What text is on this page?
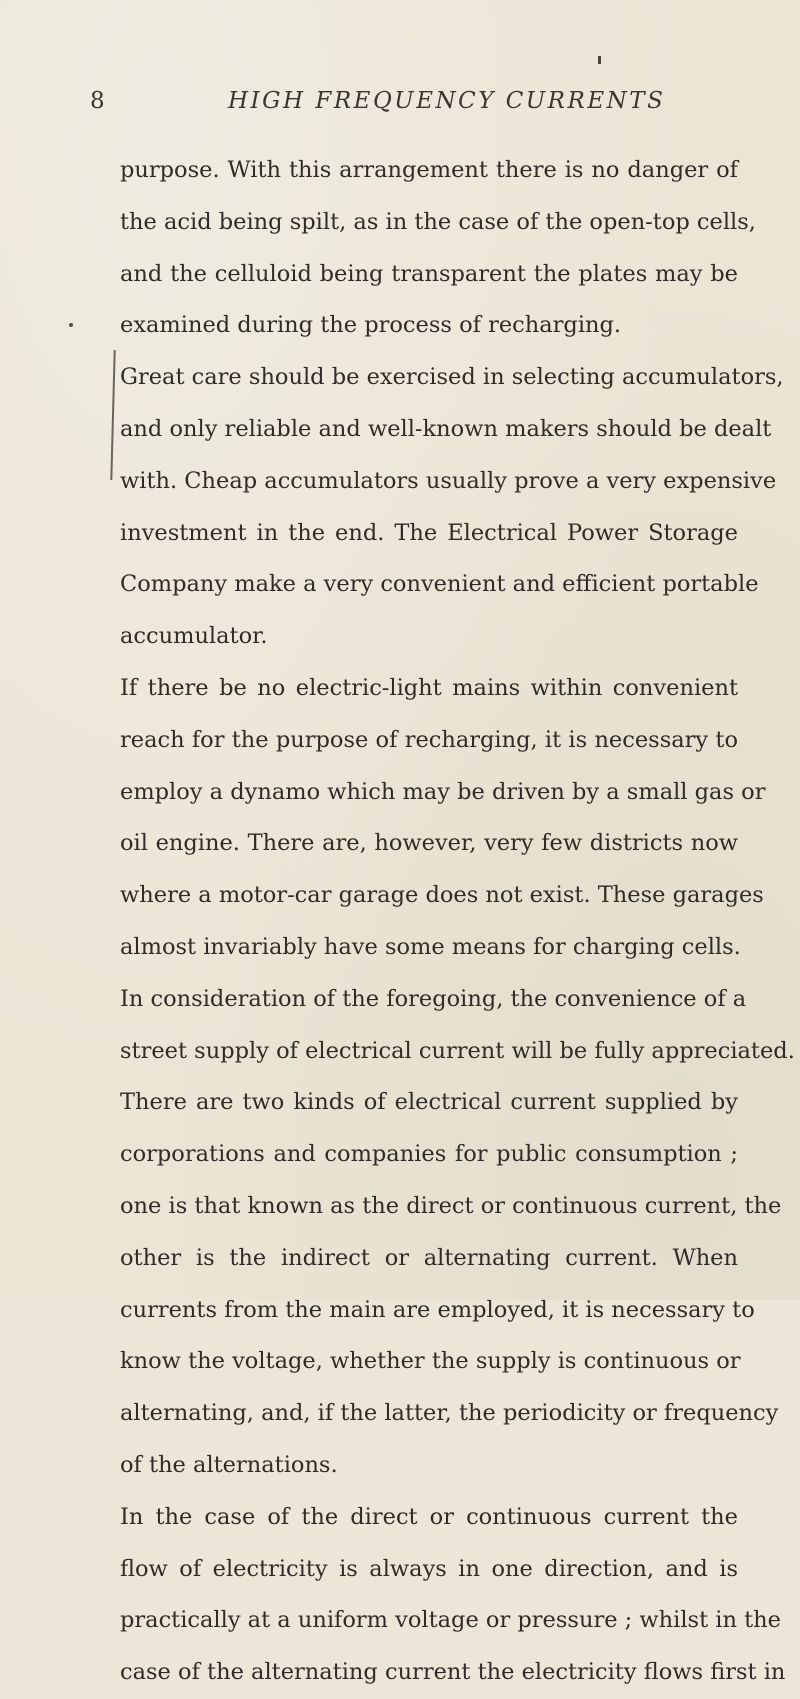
8	HIGH FREQUENCY CURRENTS
purpose. With this arrangement there is no danger of
the acid being spilt, as in the case of the open-top cells,
and the celluloid being transparent the plates may be
examined during the process of recharging.
Great care should be exercised in selecting accumulators,
and only reliable and well-known makers should be dealt
with. Cheap accumulators usually prove a very expensive
investment in the end. The Electrical Power Storage
Company make a very convenient and efficient portable
accumulator.
If there be no electric-light mains within convenient
reach for the purpose of recharging, it is necessary to
employ a dynamo which may be driven by a small gas or
oil engine. There are, however, very few districts now
where a motor-car garage does not exist. These garages
almost invariably have some means for charging cells.
In consideration of the foregoing, the convenience of a
street supply of electrical current will be fully appreciated.
There are two kinds of electrical current supplied by
corporations and companies for public consumption ;
one is that known as the direct or continuous current, the
other is the indirect or alternating current. When
currents from the main are employed, it is necessary to
know the voltage, whether the supply is continuous or
alternating, and, if the latter, the periodicity or frequency
of the alternations.
In the case of the direct or continuous current the
flow of electricity is always in one direction, and is
practically at a uniform voltage or pressure ; whilst in the
case of the alternating current the electricity flows first in
